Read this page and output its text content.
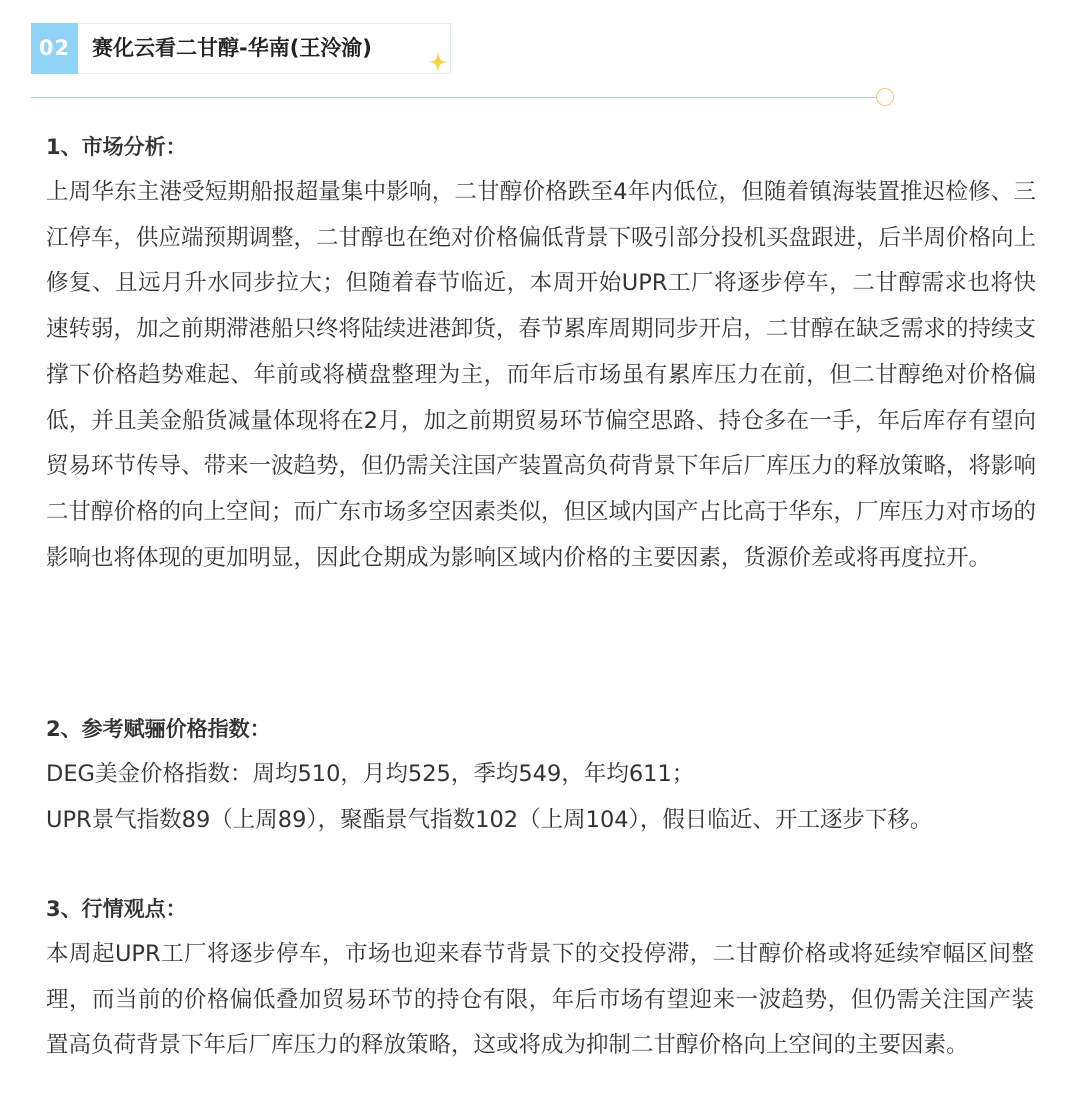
02	赛化云看二甘醇-华南(王泠渝)

1、市场分析：

上周华东主港受短期船报超量集中影响，二甘醇价格跌至4年内低位，但随着镇海装置推迟检修、三江停车，供应端预期调整，二甘醇也在绝对价格偏低背景下吸引部分投机买盘跟进，后半周价格向上修复、且远月升水同步拉大；但随着春节临近，本周开始UPR工厂将逐步停车，二甘醇需求也将快速转弱，加之前期滞港船只终将陆续进港卸货，春节累库周期同步开启，二甘醇在缺乏需求的持续支撑下价格趋势难起、年前或将横盘整理为主，而年后市场虽有累库压力在前，但二甘醇绝对价格偏低，并且美金船货减量体现将在2月，加之前期贸易环节偏空思路、持仓多在一手，年后库存有望向贸易环节传导、带来一波趋势，但仍需关注国产装置高负荷背景下年后厂库压力的释放策略，将影响二甘醇价格的向上空间；而广东市场多空因素类似，但区域内国产占比高于华东，厂库压力对市场的影响也将体现的更加明显，因此仓期成为影响区域内价格的主要因素，货源价差或将再度拉开。

2、参考赋骊价格指数：

DEG美金价格指数：周均510，月均525，季均549，年均611；

UPR景气指数89（上周89），聚酯景气指数102（上周104），假日临近、开工逐步下移。

3、行情观点：

本周起UPR工厂将逐步停车，市场也迎来春节背景下的交投停滞，二甘醇价格或将延续窄幅区间整理，而当前的价格偏低叠加贸易环节的持仓有限，年后市场有望迎来一波趋势，但仍需关注国产装置高负荷背景下年后厂库压力的释放策略，这或将成为抑制二甘醇价格向上空间的主要因素。
